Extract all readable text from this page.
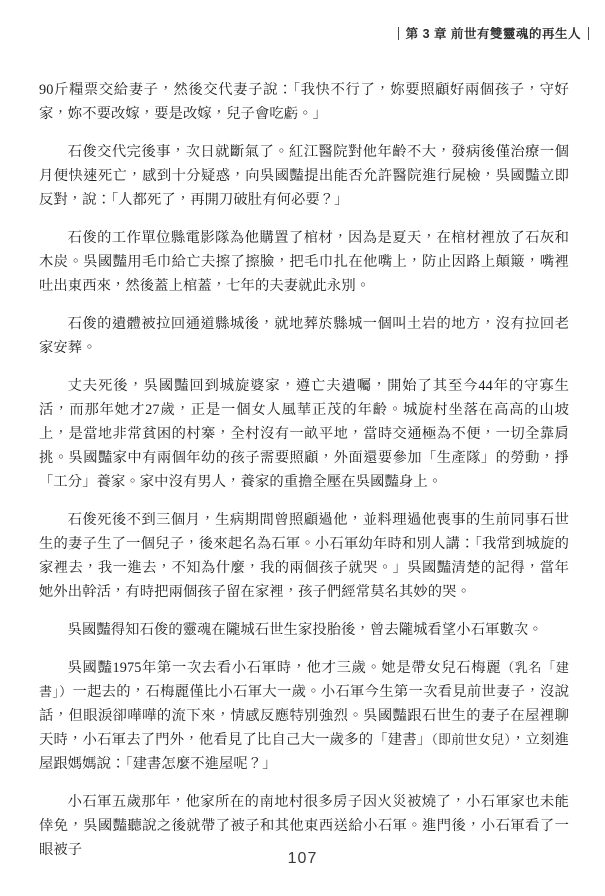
第 3 章 前世有雙靈魂的再生人

90斤糧票交給妻子，然後交代妻子說：「我快不行了，妳要照顧好兩個孩子，守好家，妳不要改嫁，要是改嫁，兒子會吃虧。」

石俊交代完後事，次日就斷氣了。紅江醫院對他年齡不大，發病後僅治療一個月便快速死亡，感到十分疑惑，向吳國豔提出能否允許醫院進行屍檢，吳國豔立即反對，說：「人都死了，再開刀破肚有何必要？」

石俊的工作單位縣電影隊為他購置了棺材，因為是夏天，在棺材裡放了石灰和木炭。吳國豔用毛巾給亡夫擦了擦臉，把毛巾扎在他嘴上，防止因路上顛簸，嘴裡吐出東西來，然後蓋上棺蓋，七年的夫妻就此永別。

石俊的遺體被拉回通道縣城後，就地葬於縣城一個叫土岩的地方，沒有拉回老家安葬。

丈夫死後，吳國豔回到城旋婆家，遵亡夫遺囑，開始了其至今44年的守寡生活，而那年她才27歲，正是一個女人風華正茂的年齡。城旋村坐落在高高的山坡上，是當地非常貧困的村寨，全村沒有一畝平地，當時交通極為不便，一切全靠肩挑。吳國豔家中有兩個年幼的孩子需要照顧，外面還要參加「生產隊」的勞動，掙「工分」養家。家中沒有男人，養家的重擔全壓在吳國豔身上。

石俊死後不到三個月，生病期間曾照顧過他，並料理過他喪事的生前同事石世生的妻子生了一個兒子，後來起名為石軍。小石軍幼年時和別人講：「我常到城旋的家裡去，我一進去，不知為什麼，我的兩個孩子就哭。」吳國豔清楚的記得，當年她外出幹活，有時把兩個孩子留在家裡，孩子們經常莫名其妙的哭。

吳國豔得知石俊的靈魂在隴城石世生家投胎後，曾去隴城看望小石軍數次。

吳國豔1975年第一次去看小石軍時，他才三歲。她是帶女兒石梅麗（乳名「建書」）一起去的，石梅麗僅比小石軍大一歲。小石軍今生第一次看見前世妻子，沒說話，但眼淚卻嘩嘩的流下來，情感反應特別強烈。吳國豔跟石世生的妻子在屋裡聊天時，小石軍去了門外，他看見了比自己大一歲多的「建書」（即前世女兒），立刻進屋跟媽媽說：「建書怎麼不進屋呢？」

小石軍五歲那年，他家所在的南地村很多房子因火災被燒了，小石軍家也未能倖免，吳國豔聽說之後就帶了被子和其他東西送給小石軍。進門後，小石軍看了一眼被子	107
